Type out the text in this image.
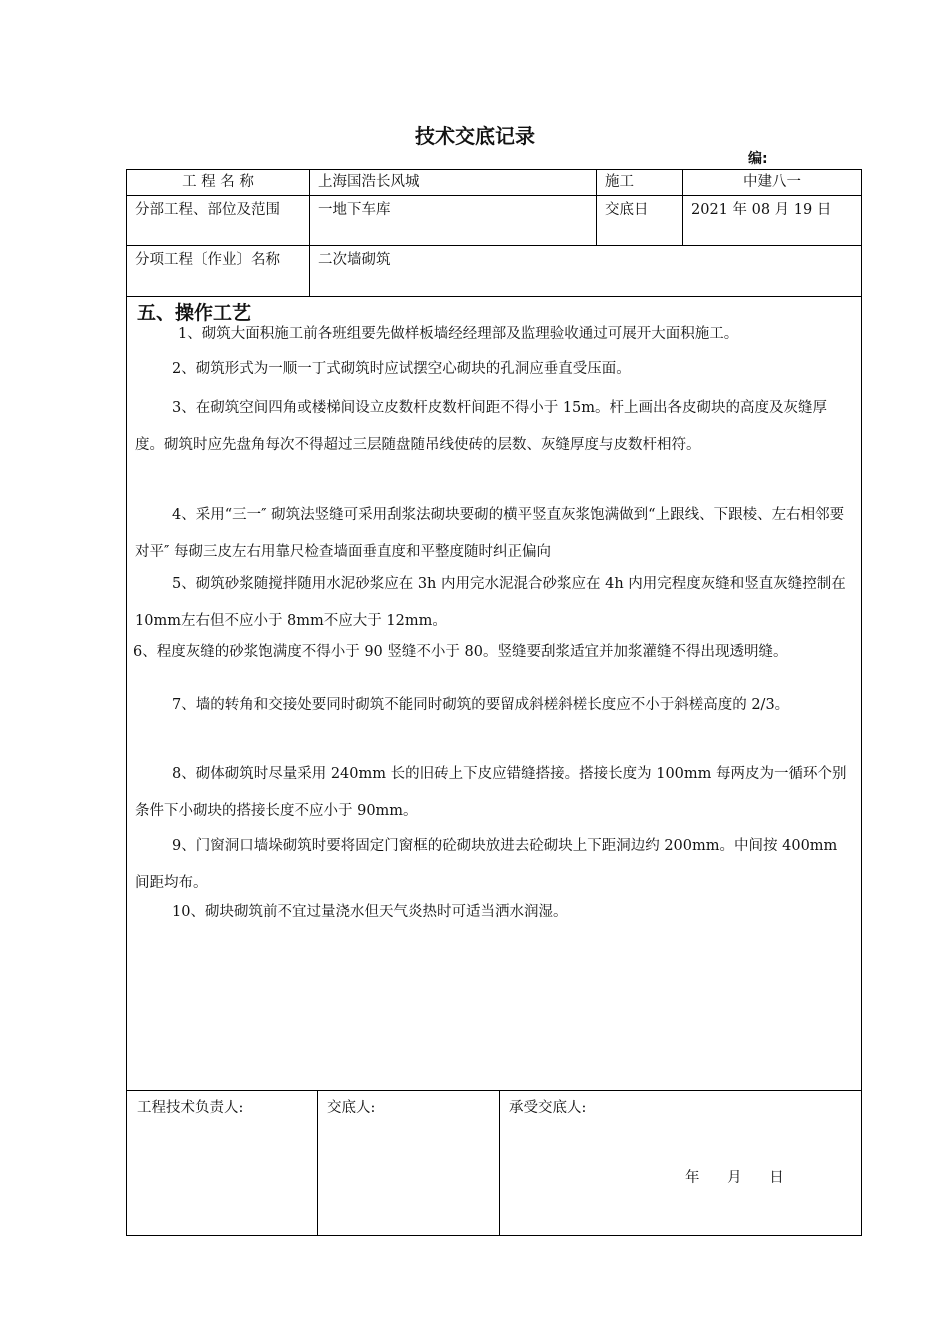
技术交底记录
编:
工 程 名 称	上海国浩长风城	施工	中建八一
分部工程、部位及范围	一地下车库	交底日	2021 年 08 月 19 日
分项工程〔作业〕名称	二次墙砌筑
五、操作工艺
1、砌筑大面积施工前各班组要先做样板墙经经理部及监理验收通过可展开大面积施工。
2、砌筑形式为一顺一丁式砌筑时应试摆空心砌块的孔洞应垂直受压面。
3、在砌筑空间四角或楼梯间设立皮数杆皮数杆间距不得小于 15m。杆上画出各皮砌块的高度及灰缝厚度。砌筑时应先盘角每次不得超过三层随盘随吊线使砖的层数、灰缝厚度与皮数杆相符。
4、采用“三一″ 砌筑法竖缝可采用刮浆法砌块要砌的横平竖直灰浆饱满做到“上跟线、下跟棱、左右相邻要对平″ 每砌三皮左右用靠尺检查墙面垂直度和平整度随时纠正偏向
5、砌筑砂浆随搅拌随用水泥砂浆应在 3h 内用完水泥混合砂浆应在 4h 内用完程度灰缝和竖直灰缝控制在 10mm左右但不应小于 8mm不应大于 12mm。
6、程度灰缝的砂浆饱满度不得小于 90 竖缝不小于 80。竖缝要刮浆适宜并加浆灌缝不得出现透明缝。
7、墙的转角和交接处要同时砌筑不能同时砌筑的要留成斜槎斜槎长度应不小于斜槎高度的 2/3。
8、砌体砌筑时尽量采用 240mm 长的旧砖上下皮应错缝搭接。搭接长度为 100mm 每两皮为一循环个别条件下小砌块的搭接长度不应小于 90mm。
9、门窗洞口墙垛砌筑时要将固定门窗框的砼砌块放进去砼砌块上下距洞边约 200mm。中间按 400mm 间距均布。
10、砌块砌筑前不宜过量浇水但天气炎热时可适当洒水润湿。
工程技术负责人:	交底人:	承受交底人:
年      月      日
